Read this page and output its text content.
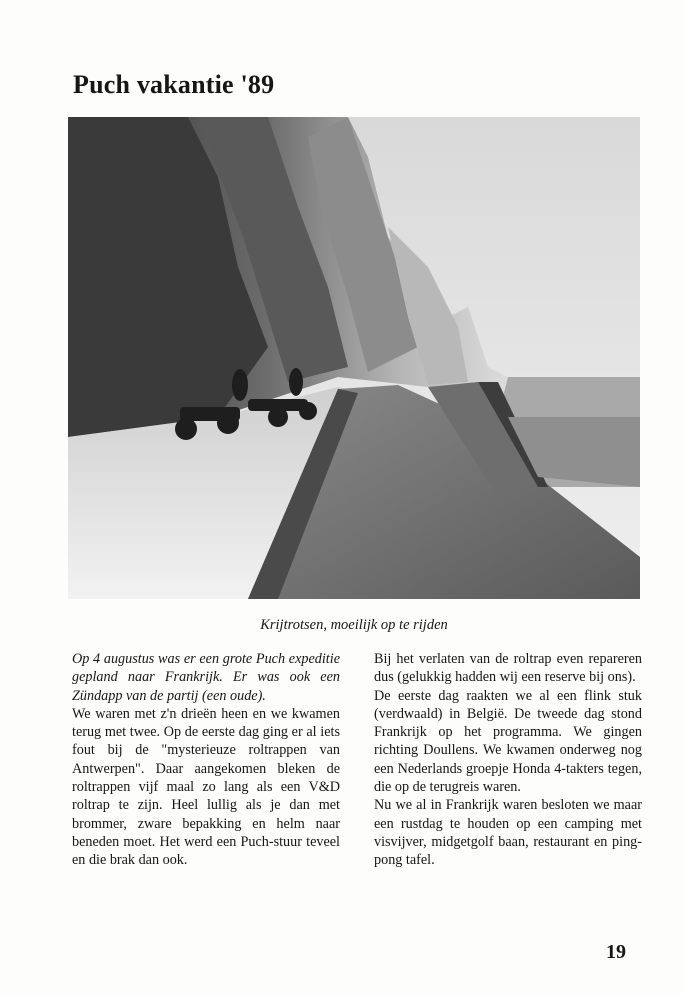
Puch vakantie '89
Krijtrotsen, moeilijk op te rijden

Op 4 augustus was er een grote Puch expeditie gepland naar Frankrijk. Er was ook een Zündapp van de partij (een oude).

We waren met z'n drieën heen en we kwamen terug met twee. Op de eerste dag ging er al iets fout bij de "mysterieuze roltrappen van Antwerpen". Daar aangekomen bleken de roltrappen vijf maal zo lang als een V&D roltrap te zijn. Heel lullig als je dan met brommer, zware bepakking en helm naar beneden moet. Het werd een Puch-stuur teveel en die brak dan ook.

Bij het verlaten van de roltrap even repareren dus (gelukkig hadden wij een reserve bij ons).

De eerste dag raakten we al een flink stuk (verdwaald) in België. De tweede dag stond Frankrijk op het programma. We gingen richting Doullens. We kwamen onderweg nog een Nederlands groepje Honda 4-takters tegen, die op de terugreis waren.

Nu we al in Frankrijk waren besloten we maar een rustdag te houden op een camping met visvijver, midgetgolf baan, restaurant en ping-pong tafel.

19
